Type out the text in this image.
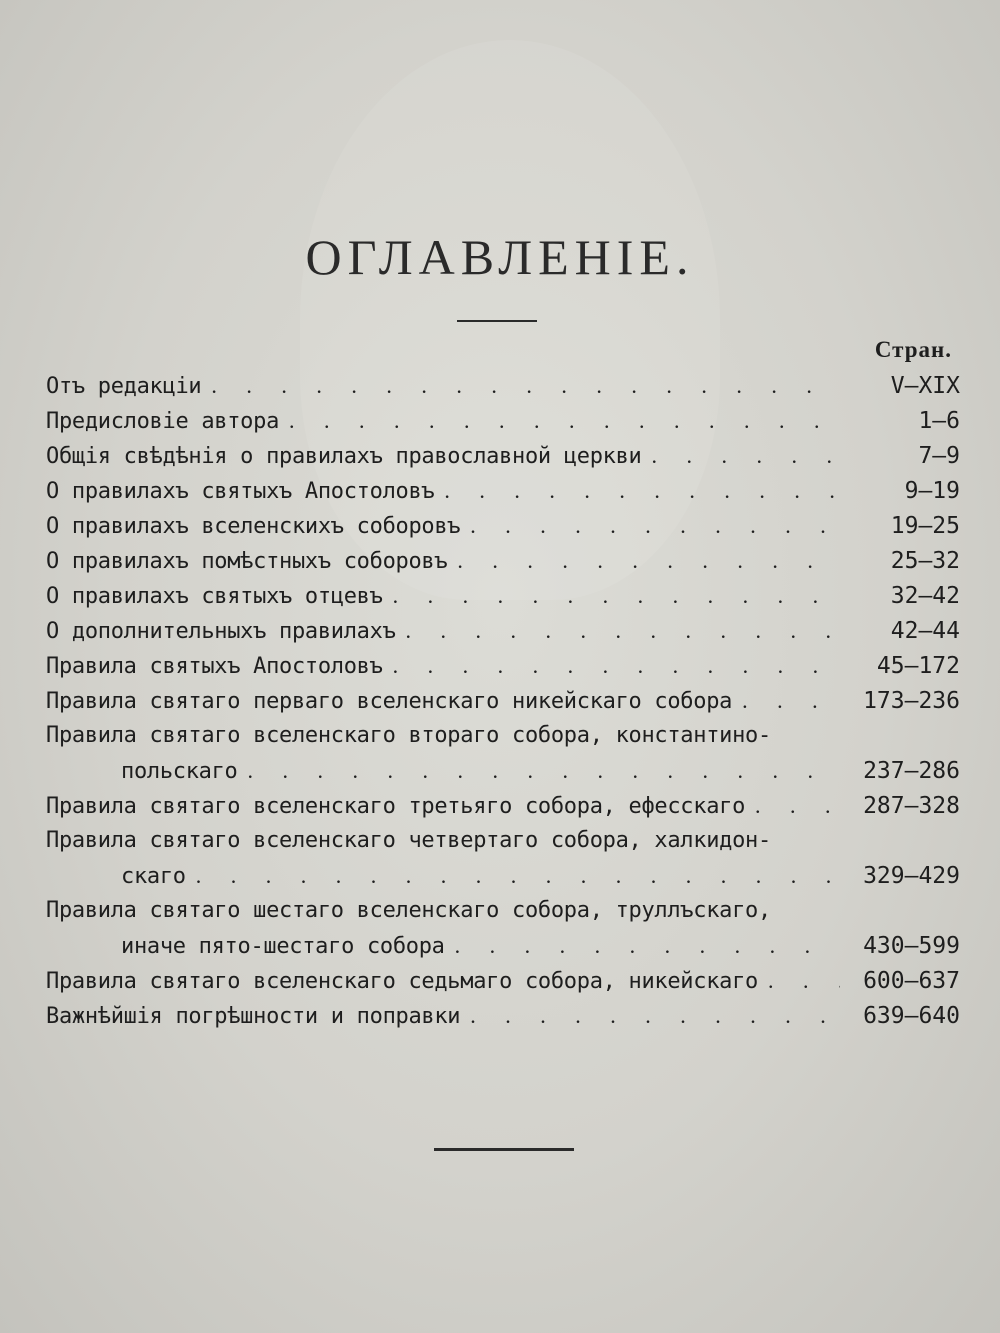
ОГЛАВЛЕНІЕ.
Стран.
Отъ редакціи . . .	V—XIX
Предисловіе автора . . .	1—6
Общія свѣдѣнія о правилахъ православной церкви . . .	7—9
О правилахъ святыхъ Апостоловъ . . .	9—19
О правилахъ вселенскихъ соборовъ . . .	19—25
О правилахъ помѣстныхъ соборовъ . . .	25—32
О правилахъ святыхъ отцевъ . . .	32—42
О дополнительныхъ правилахъ . . .	42—44
Правила святыхъ Апостоловъ . . .	45—172
Правила святаго перваго вселенскаго никейскаго собора . . .	173—236
Правила святаго вселенскаго втораго собора, константино-
польскаго . . .	237—286
Правила святаго вселенскаго третьяго собора, ефесскаго . . .	287—328
Правила святаго вселенскаго четвертаго собора, халкидон-
скаго . . .	329—429
Правила святаго шестаго вселенскаго собора, труллъскаго,
иначе пято-шестаго собора . . .	430—599
Правила святаго вселенскаго седьмаго собора, никейскаго . . .	600—637
Важнѣйшія погрѣшности и поправки . . .	639—640
